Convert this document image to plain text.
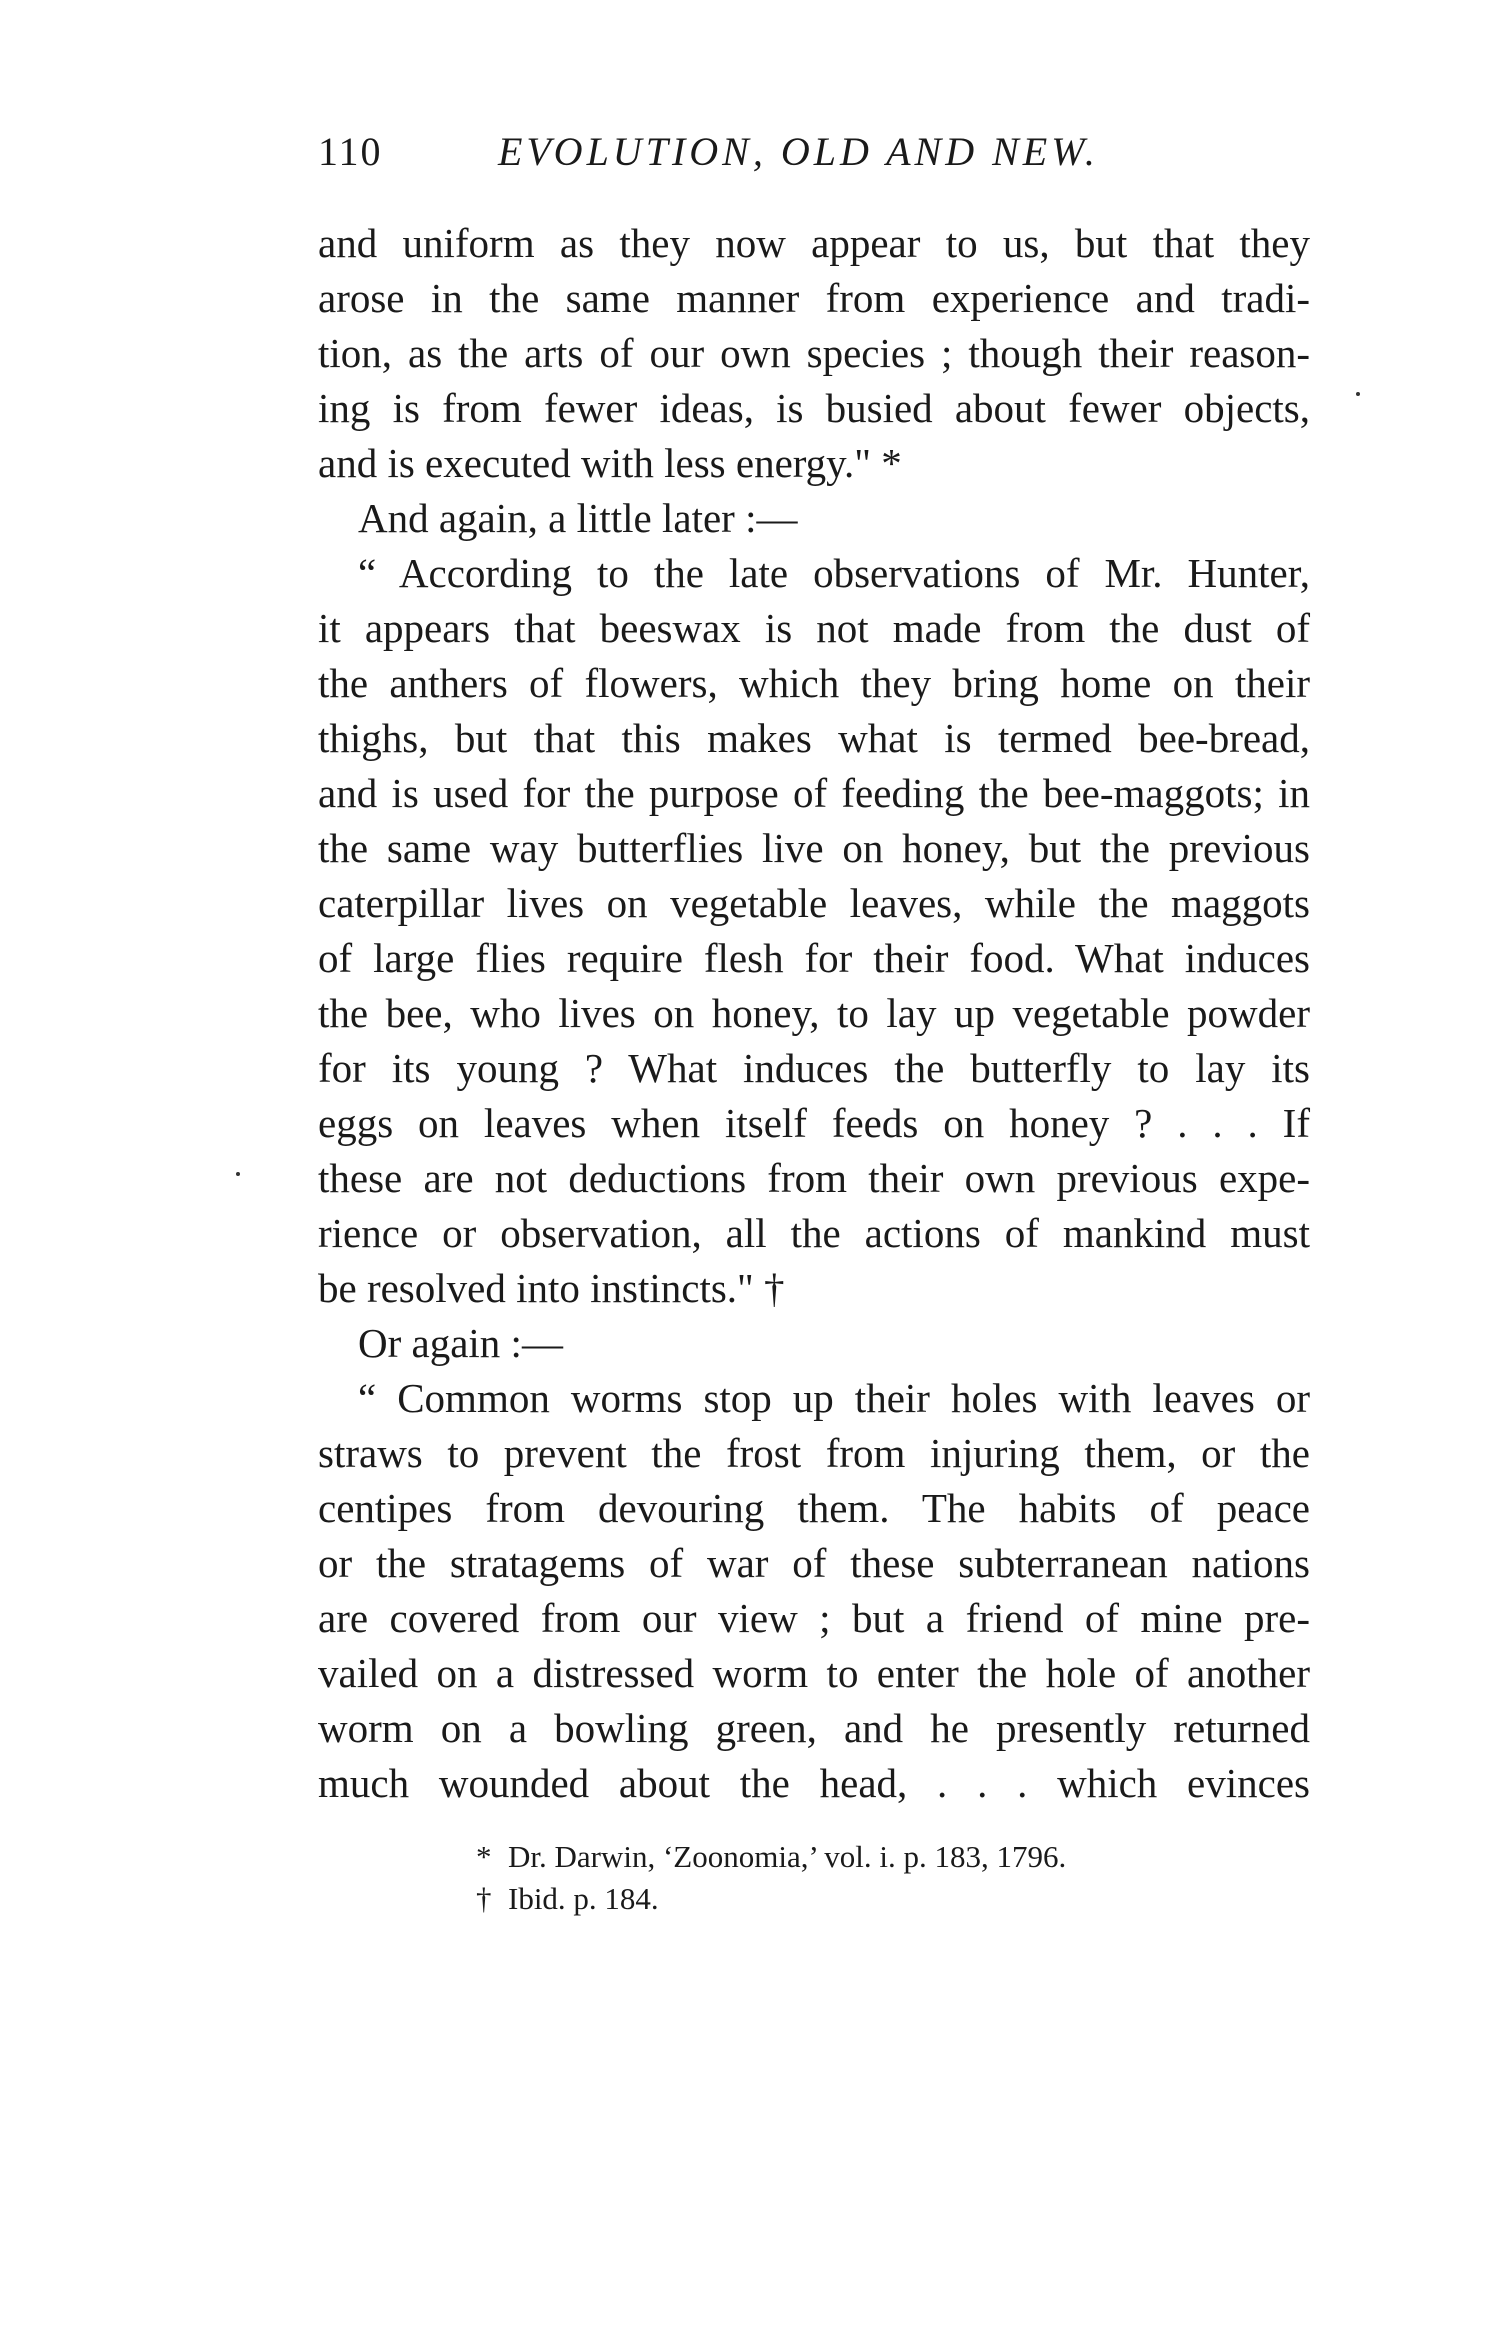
110	EVOLUTION, OLD AND NEW.
and uniform as they now appear to us, but that they
arose in the same manner from experience and tradi-
tion, as the arts of our own species ; though their reason-
ing is from fewer ideas, is busied about fewer objects,
and is executed with less energy." *
And again, a little later :—
“ According to the late observations of Mr. Hunter,
it appears that beeswax is not made from the dust of
the anthers of flowers, which they bring home on their
thighs, but that this makes what is termed bee-bread,
and is used for the purpose of feeding the bee-maggots; in
the same way butterflies live on honey, but the previous
caterpillar lives on vegetable leaves, while the maggots
of large flies require flesh for their food. What induces
the bee, who lives on honey, to lay up vegetable powder
for its young ? What induces the butterfly to lay its
eggs on leaves when itself feeds on honey ? . . . If
these are not deductions from their own previous expe-
rience or observation, all the actions of mankind must
be resolved into instincts." †
Or again :—
“ Common worms stop up their holes with leaves or
straws to prevent the frost from injuring them, or the
centipes from devouring them. The habits of peace
or the stratagems of war of these subterranean nations
are covered from our view ; but a friend of mine pre-
vailed on a distressed worm to enter the hole of another
worm on a bowling green, and he presently returned
much wounded about the head, . . . which evinces
* Dr. Darwin, ‘Zoonomia,’ vol. i. p. 183, 1796.
† Ibid. p. 184.
